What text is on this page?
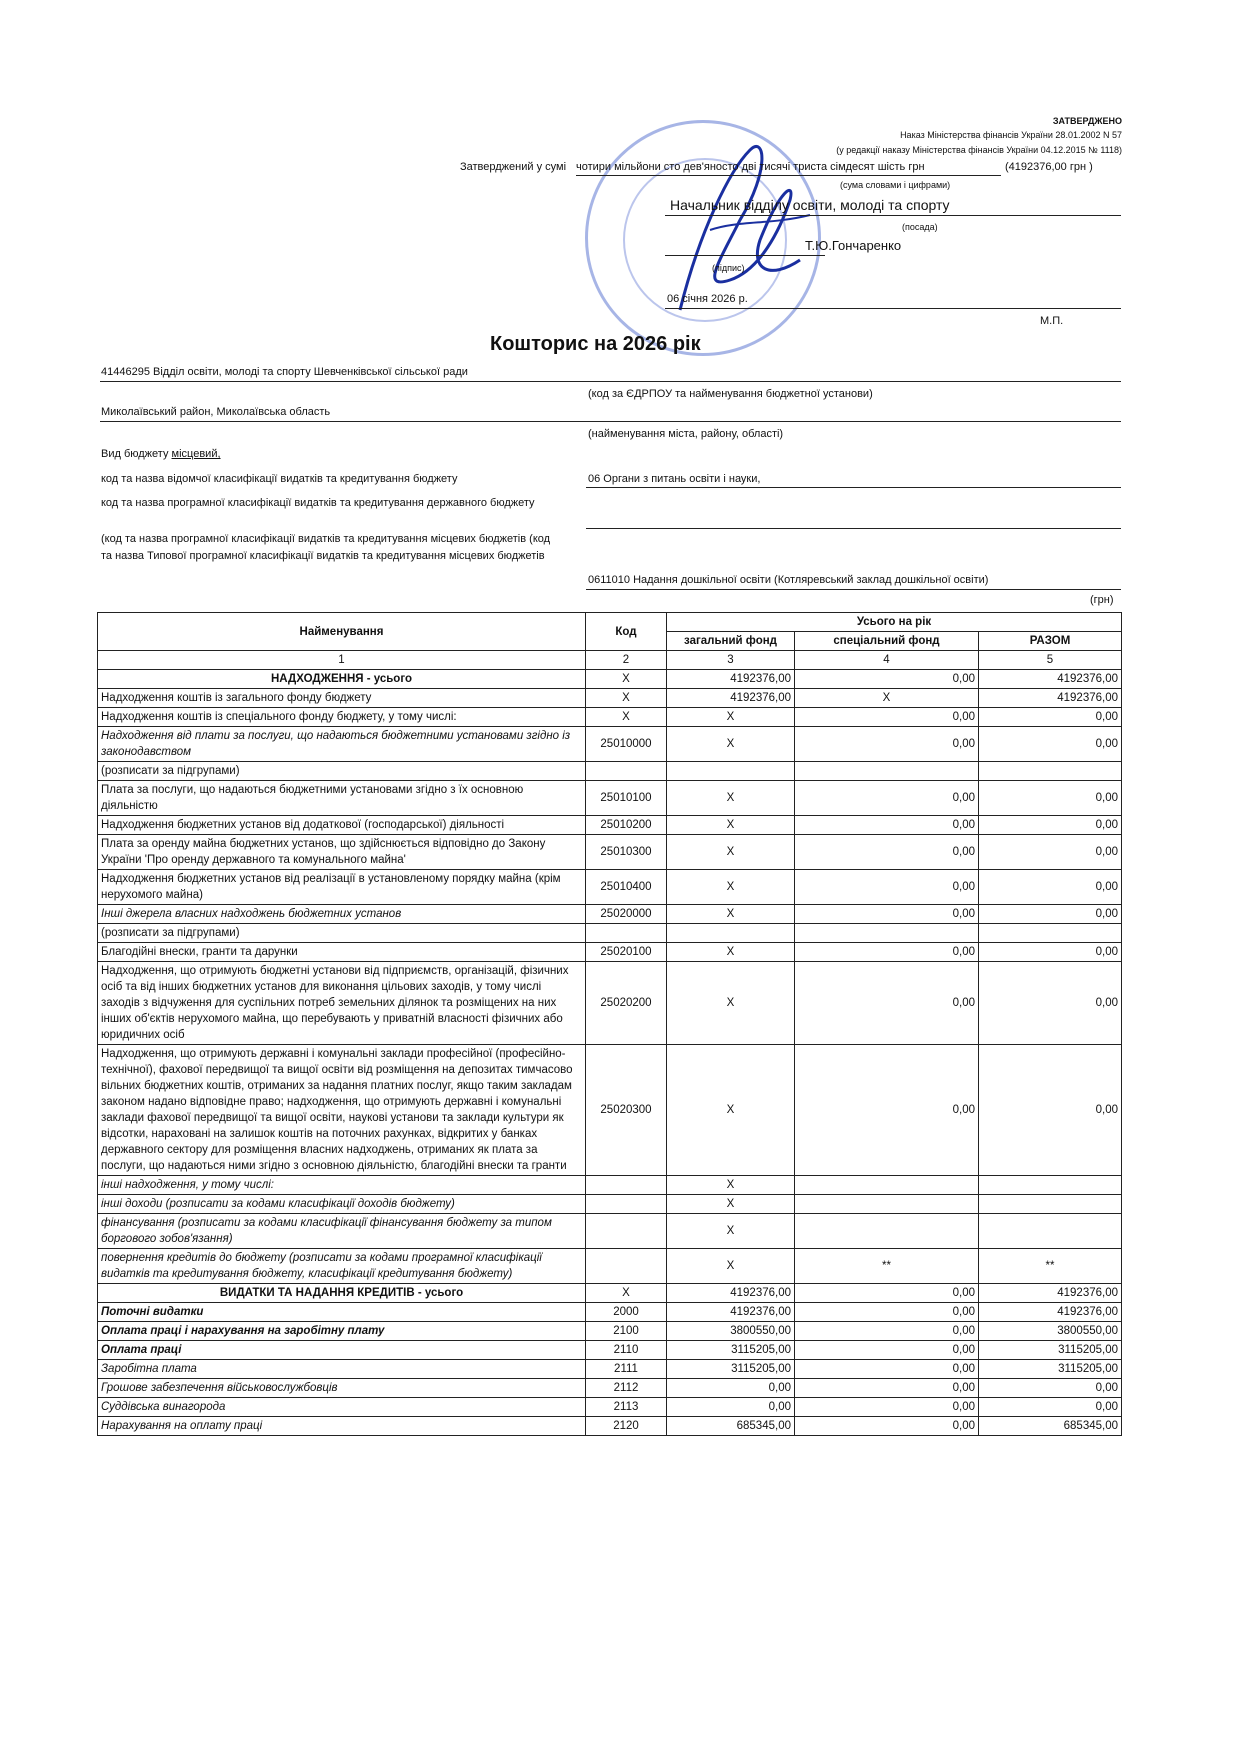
ЗАТВЕРДЖЕНО
Наказ Міністерства фінансів України 28.01.2002 N 57
(у редакції наказу Міністерства фінансів України 04.12.2015 № 1118)
Затверджений у сумі чотири мільйони сто дев'яносто дві тисячі триста сімдесят шість грн	(4192376,00 грн )
(сума словами і цифрами)
Начальник відділу освіти, молоді та спорту
(посада)
Т.Ю.Гончаренко
(підпис)
06 січня 2026 р.
М.П.
Кошторис на 2026 рік
41446295 Відділ освіти, молоді та спорту Шевченківської сільської ради
(код за ЄДРПОУ та найменування бюджетної установи)
Миколаївський район, Миколаївська область
(найменування міста, району, області)
Вид бюджету місцевий,
код та назва відомчої класифікації видатків та кредитування бюджету	06 Органи з питань освіти і науки,
код та назва програмної класифікації видатків та кредитування державного бюджету
(код та назва програмної класифікації видатків та кредитування місцевих бюджетів (код та назва Типової програмної класифікації видатків та кредитування місцевих бюджетів
0611010 Надання дошкільної освіти (Котляревський заклад дошкільної освіти)
(грн)
Найменування	Код	Усього на рік		
		загальний фонд	спеціальний фонд	РАЗОМ
1	2	3	4	5
НАДХОДЖЕННЯ - усього	Х	4192376,00	0,00	4192376,00
Надходження коштів із загального фонду бюджету	Х	4192376,00	Х	4192376,00
Надходження коштів із спеціального фонду бюджету, у тому числі:	Х	Х	0,00	0,00
Надходження від плати за послуги, що надаються бюджетними установами згідно із законодавством	25010000	Х	0,00	0,00
(розписати за підгрупами)				
Плата за послуги, що надаються бюджетними установами згідно з їх основною діяльністю	25010100	Х	0,00	0,00
Надходження бюджетних установ від додаткової (господарської) діяльності	25010200	Х	0,00	0,00
Плата за оренду майна бюджетних установ, що здійснюється відповідно до Закону України 'Про оренду державного та комунального майна'	25010300	Х	0,00	0,00
Надходження бюджетних установ від реалізації в установленому порядку майна (крім нерухомого майна)	25010400	Х	0,00	0,00
Інші джерела власних надходжень бюджетних установ	25020000	Х	0,00	0,00
(розписати за підгрупами)				
Благодійні внески, гранти та дарунки	25020100	Х	0,00	0,00
Надходження, що отримують бюджетні установи від підприємств, організацій, фізичних осіб та від інших бюджетних установ для виконання цільових заходів, у тому числі заходів з відчуження для суспільних потреб земельних ділянок та розміщених на них інших об'єктів нерухомого майна, що перебувають у приватній власності фізичних або юридичних осіб	25020200	Х	0,00	0,00
Надходження, що отримують державні і комунальні заклади професійної (професійно-технічної), фахової передвищої та вищої освіти від розміщення на депозитах тимчасово вільних бюджетних коштів, отриманих за надання платних послуг, якщо таким закладам законом надано відповідне право; надходження, що отримують державні і комунальні заклади фахової передвищої та вищої освіти, наукові установи та заклади культури як відсотки, нараховані на залишок коштів на поточних рахунках, відкритих у банках державного сектору для розміщення власних надходжень, отриманих як плата за послуги, що надаються ними згідно з основною діяльністю, благодійні внески та гранти	25020300	Х	0,00	0,00
інші надходження, у тому числі:		Х		
інші доходи (розписати за кодами класифікації доходів бюджету)		Х		
фінансування (розписати за кодами класифікації фінансування бюджету за типом боргового зобов'язання)		Х		
повернення кредитів до бюджету (розписати за кодами програмної класифікації видатків та кредитування бюджету, класифікації кредитування бюджету)		Х	**	**
ВИДАТКИ ТА НАДАННЯ КРЕДИТІВ - усього	Х	4192376,00	0,00	4192376,00
Поточні видатки	2000	4192376,00	0,00	4192376,00
Оплата праці і нарахування на заробітну плату	2100	3800550,00	0,00	3800550,00
Оплата праці	2110	3115205,00	0,00	3115205,00
Заробітна плата	2111	3115205,00	0,00	3115205,00
Грошове забезпечення військовослужбовців	2112	0,00	0,00	0,00
Суддівська винагорода	2113	0,00	0,00	0,00
Нарахування на оплату праці	2120	685345,00	0,00	685345,00
